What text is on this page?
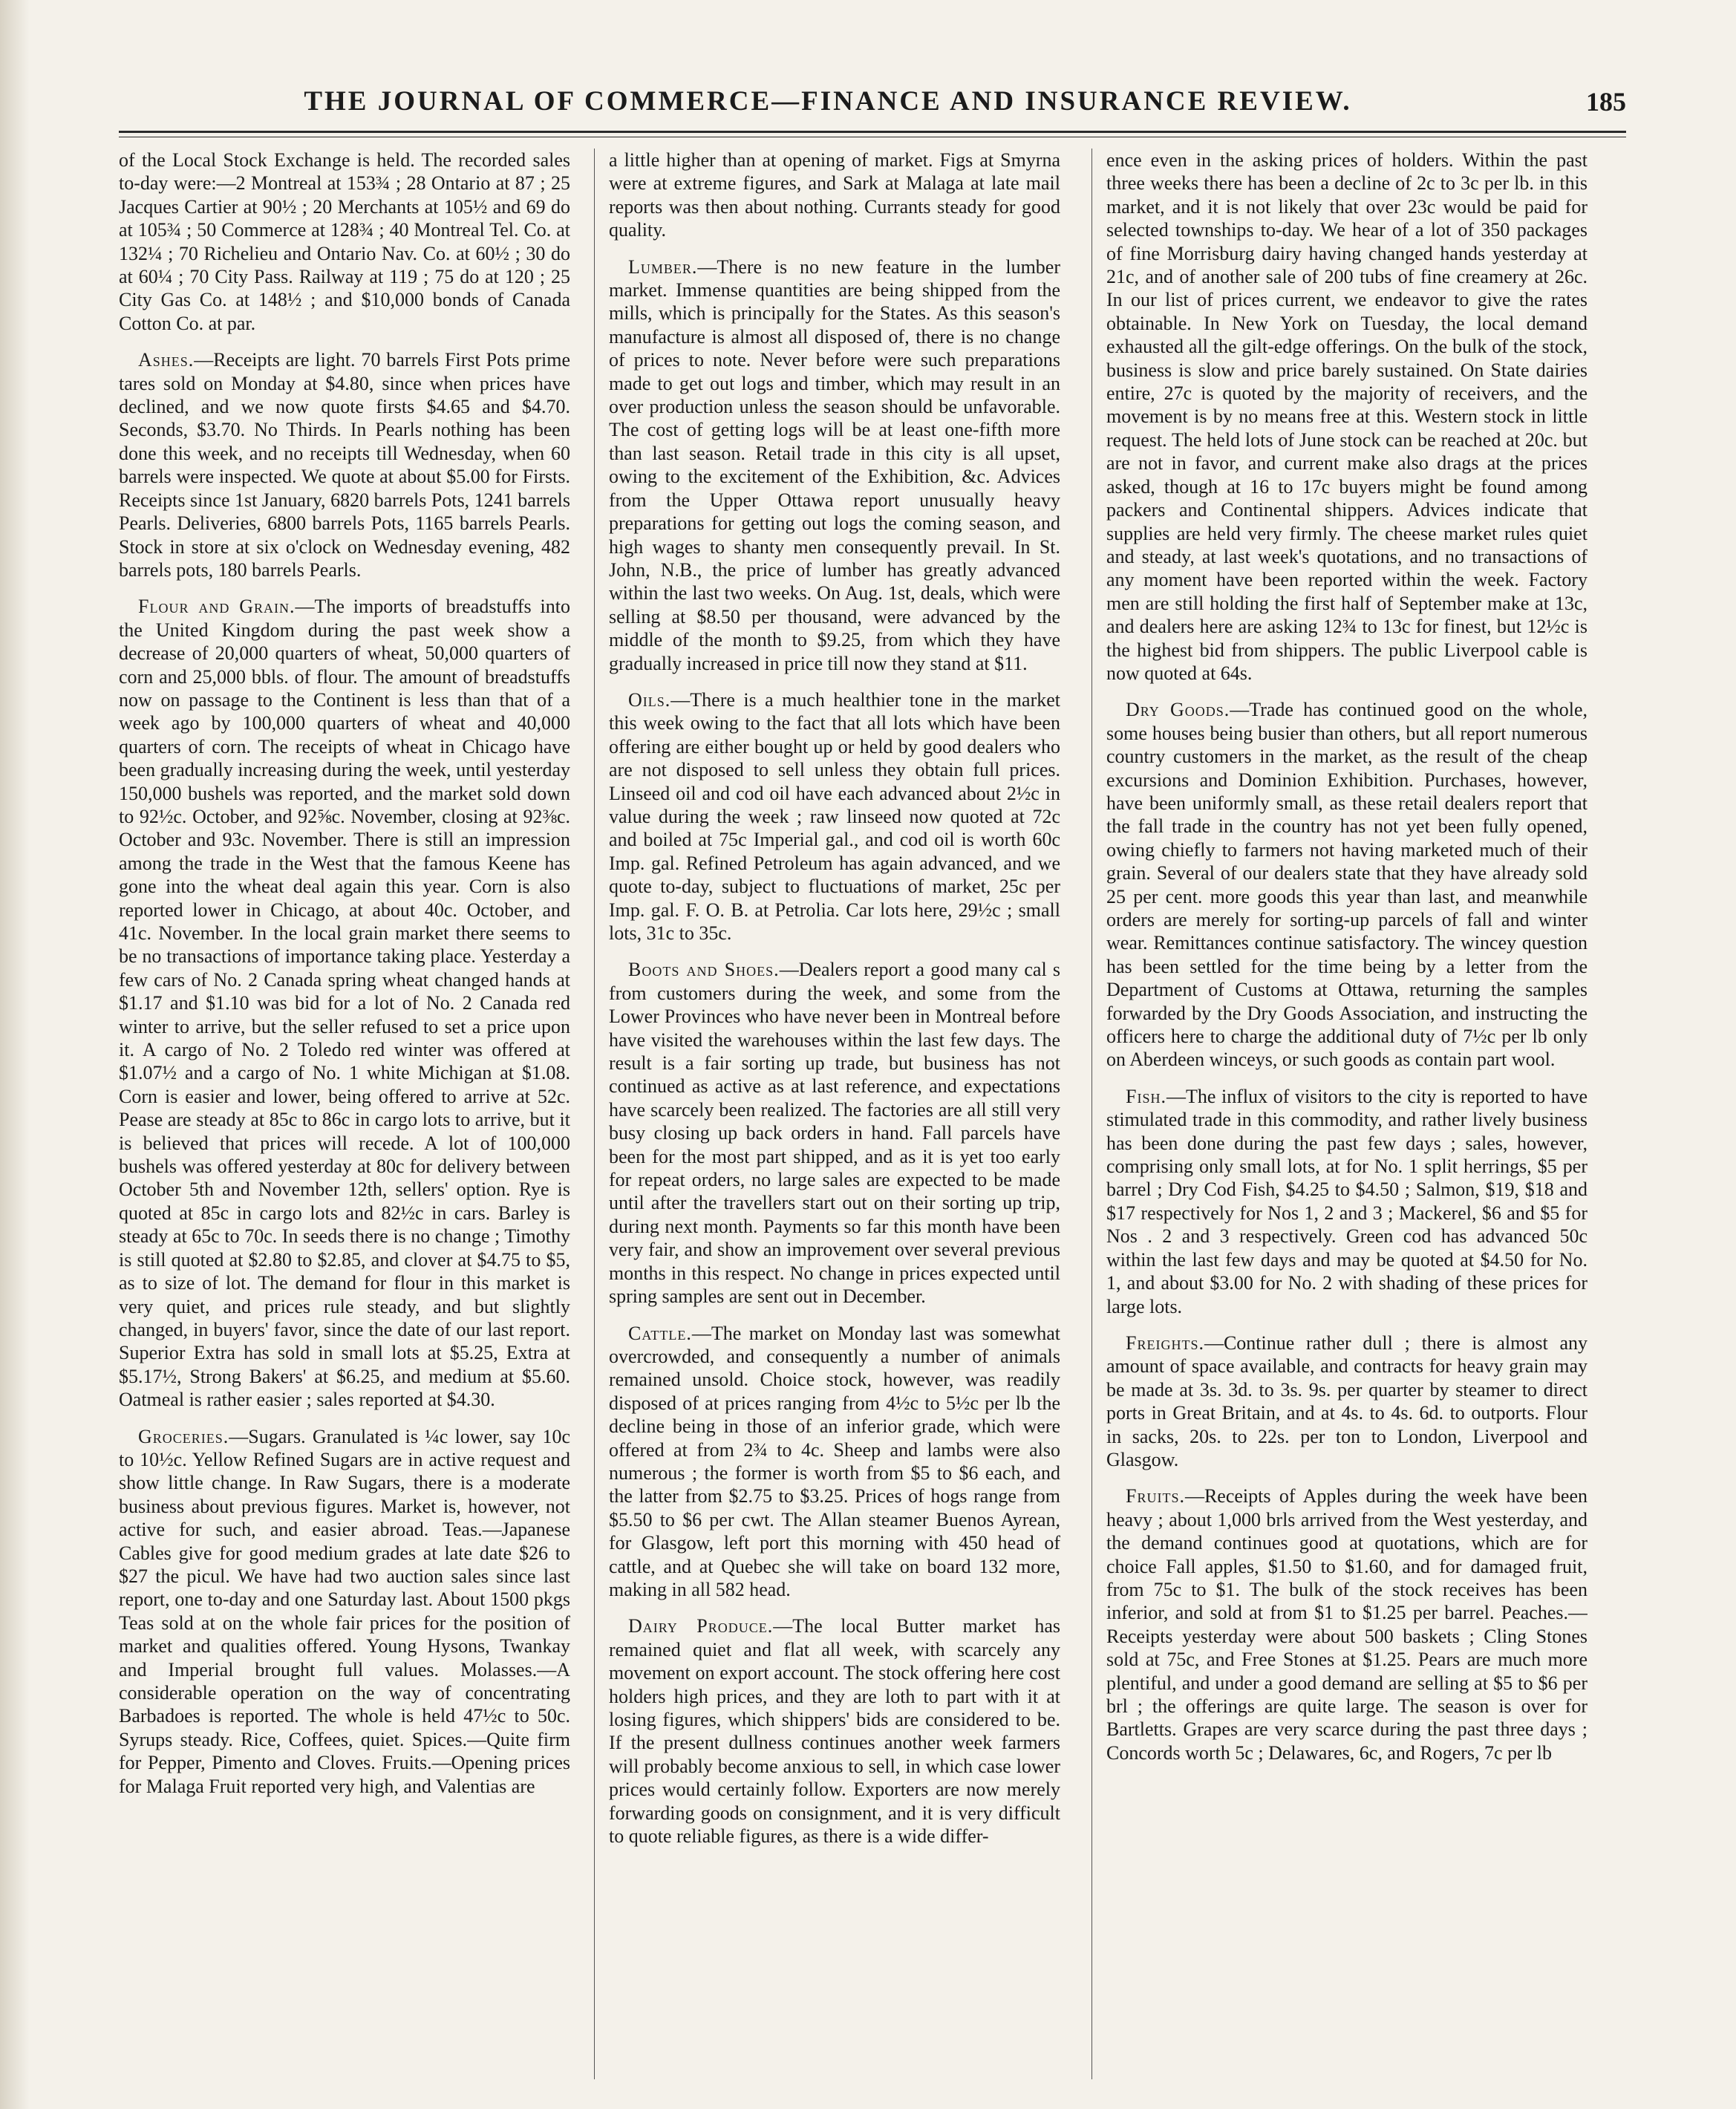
THE JOURNAL OF COMMERCE—FINANCE AND INSURANCE REVIEW.	185

of the Local Stock Exchange is held. The recorded sales to-day were:—2 Montreal at 153¾ ; 28 Ontario at 87 ; 25 Jacques Cartier at 90½ ; 20 Merchants at 105½ and 69 do at 105¾ ; 50 Commerce at 128¾ ; 40 Montreal Tel. Co. at 132¼ ; 70 Richelieu and Ontario Nav. Co. at 60½ ; 30 do at 60¼ ; 70 City Pass. Railway at 119 ; 75 do at 120 ; 25 City Gas Co. at 148½ ; and $10,000 bonds of Canada Cotton Co. at par.

Ashes.—Receipts are light. 70 barrels First Pots prime tares sold on Monday at $4.80, since when prices have declined, and we now quote firsts $4.65 and $4.70. Seconds, $3.70. No Thirds. In Pearls nothing has been done this week, and no receipts till Wednesday, when 60 barrels were inspected. We quote at about $5.00 for Firsts. Receipts since 1st January, 6820 barrels Pots, 1241 barrels Pearls. Deliveries, 6800 barrels Pots, 1165 barrels Pearls. Stock in store at six o'clock on Wednesday evening, 482 barrels pots, 180 barrels Pearls.

Flour and Grain.—The imports of breadstuffs into the United Kingdom during the past week show a decrease of 20,000 quarters of wheat, 50,000 quarters of corn and 25,000 bbls. of flour. The amount of breadstuffs now on passage to the Continent is less than that of a week ago by 100,000 quarters of wheat and 40,000 quarters of corn. The receipts of wheat in Chicago have been gradually increasing during the week, until yesterday 150,000 bushels was reported, and the market sold down to 92½c. October, and 92⅝c. November, closing at 92⅜c. October and 93c. November. There is still an impression among the trade in the West that the famous Keene has gone into the wheat deal again this year. Corn is also reported lower in Chicago, at about 40c. October, and 41c. November. In the local grain market there seems to be no transactions of importance taking place. Yesterday a few cars of No. 2 Canada spring wheat changed hands at $1.17 and $1.10 was bid for a lot of No. 2 Canada red winter to arrive, but the seller refused to set a price upon it. A cargo of No. 2 Toledo red winter was offered at $1.07½ and a cargo of No. 1 white Michigan at $1.08. Corn is easier and lower, being offered to arrive at 52c. Pease are steady at 85c to 86c in cargo lots to arrive, but it is believed that prices will recede. A lot of 100,000 bushels was offered yesterday at 80c for delivery between October 5th and November 12th, sellers' option. Rye is quoted at 85c in cargo lots and 82½c in cars. Barley is steady at 65c to 70c. In seeds there is no change ; Timothy is still quoted at $2.80 to $2.85, and clover at $4.75 to $5, as to size of lot. The demand for flour in this market is very quiet, and prices rule steady, and but slightly changed, in buyers' favor, since the date of our last report. Superior Extra has sold in small lots at $5.25, Extra at $5.17½, Strong Bakers' at $6.25, and medium at $5.60. Oatmeal is rather easier ; sales reported at $4.30.

Groceries.—Sugars. Granulated is ¼c lower, say 10c to 10½c. Yellow Refined Sugars are in active request and show little change. In Raw Sugars, there is a moderate business about previous figures. Market is, however, not active for such, and easier abroad. Teas.—Japanese Cables give for good medium grades at late date $26 to $27 the picul. We have had two auction sales since last report, one to-day and one Saturday last. About 1500 pkgs Teas sold at on the whole fair prices for the position of market and qualities offered. Young Hysons, Twankay and Imperial brought full values. Molasses.—A considerable operation on the way of concentrating Barbadoes is reported. The whole is held 47½c to 50c. Syrups steady. Rice, Coffees, quiet. Spices.—Quite firm for Pepper, Pimento and Cloves. Fruits.—Opening prices for Malaga Fruit reported very high, and Valentias are

a little higher than at opening of market. Figs at Smyrna were at extreme figures, and Sark at Malaga at late mail reports was then about nothing. Currants steady for good quality.

Lumber.—There is no new feature in the lumber market. Immense quantities are being shipped from the mills, which is principally for the States. As this season's manufacture is almost all disposed of, there is no change of prices to note. Never before were such preparations made to get out logs and timber, which may result in an over production unless the season should be unfavorable. The cost of getting logs will be at least one-fifth more than last season. Retail trade in this city is all upset, owing to the excitement of the Exhibition, &c. Advices from the Upper Ottawa report unusually heavy preparations for getting out logs the coming season, and high wages to shanty men consequently prevail. In St. John, N.B., the price of lumber has greatly advanced within the last two weeks. On Aug. 1st, deals, which were selling at $8.50 per thousand, were advanced by the middle of the month to $9.25, from which they have gradually increased in price till now they stand at $11.

Oils.—There is a much healthier tone in the market this week owing to the fact that all lots which have been offering are either bought up or held by good dealers who are not disposed to sell unless they obtain full prices. Linseed oil and cod oil have each advanced about 2½c in value during the week ; raw linseed now quoted at 72c and boiled at 75c Imperial gal., and cod oil is worth 60c Imp. gal. Refined Petroleum has again advanced, and we quote to-day, subject to fluctuations of market, 25c per Imp. gal. F. O. B. at Petrolia. Car lots here, 29½c ; small lots, 31c to 35c.

Boots and Shoes.—Dealers report a good many cal s from customers during the week, and some from the Lower Provinces who have never been in Montreal before have visited the warehouses within the last few days. The result is a fair sorting up trade, but business has not continued as active as at last reference, and expectations have scarcely been realized. The factories are all still very busy closing up back orders in hand. Fall parcels have been for the most part shipped, and as it is yet too early for repeat orders, no large sales are expected to be made until after the travellers start out on their sorting up trip, during next month. Payments so far this month have been very fair, and show an improvement over several previous months in this respect. No change in prices expected until spring samples are sent out in December.

Cattle.—The market on Monday last was somewhat overcrowded, and consequently a number of animals remained unsold. Choice stock, however, was readily disposed of at prices ranging from 4½c to 5½c per lb the decline being in those of an inferior grade, which were offered at from 2¾ to 4c. Sheep and lambs were also numerous ; the former is worth from $5 to $6 each, and the latter from $2.75 to $3.25. Prices of hogs range from $5.50 to $6 per cwt. The Allan steamer Buenos Ayrean, for Glasgow, left port this morning with 450 head of cattle, and at Quebec she will take on board 132 more, making in all 582 head.

Dairy Produce.—The local Butter market has remained quiet and flat all week, with scarcely any movement on export account. The stock offering here cost holders high prices, and they are loth to part with it at losing figures, which shippers' bids are considered to be. If the present dullness continues another week farmers will probably become anxious to sell, in which case lower prices would certainly follow. Exporters are now merely forwarding goods on consignment, and it is very difficult to quote reliable figures, as there is a wide differ-

ence even in the asking prices of holders. Within the past three weeks there has been a decline of 2c to 3c per lb. in this market, and it is not likely that over 23c would be paid for selected townships to-day. We hear of a lot of 350 packages of fine Morrisburg dairy having changed hands yesterday at 21c, and of another sale of 200 tubs of fine creamery at 26c. In our list of prices current, we endeavor to give the rates obtainable. In New York on Tuesday, the local demand exhausted all the gilt-edge offerings. On the bulk of the stock, business is slow and price barely sustained. On State dairies entire, 27c is quoted by the majority of receivers, and the movement is by no means free at this. Western stock in little request. The held lots of June stock can be reached at 20c. but are not in favor, and current make also drags at the prices asked, though at 16 to 17c buyers might be found among packers and Continental shippers. Advices indicate that supplies are held very firmly. The cheese market rules quiet and steady, at last week's quotations, and no transactions of any moment have been reported within the week. Factory men are still holding the first half of September make at 13c, and dealers here are asking 12¾ to 13c for finest, but 12½c is the highest bid from shippers. The public Liverpool cable is now quoted at 64s.

Dry Goods.—Trade has continued good on the whole, some houses being busier than others, but all report numerous country customers in the market, as the result of the cheap excursions and Dominion Exhibition. Purchases, however, have been uniformly small, as these retail dealers report that the fall trade in the country has not yet been fully opened, owing chiefly to farmers not having marketed much of their grain. Several of our dealers state that they have already sold 25 per cent. more goods this year than last, and meanwhile orders are merely for sorting-up parcels of fall and winter wear. Remittances continue satisfactory. The wincey question has been settled for the time being by a letter from the Department of Customs at Ottawa, returning the samples forwarded by the Dry Goods Association, and instructing the officers here to charge the additional duty of 7½c per lb only on Aberdeen winceys, or such goods as contain part wool.

Fish.—The influx of visitors to the city is reported to have stimulated trade in this commodity, and rather lively business has been done during the past few days ; sales, however, comprising only small lots, at for No. 1 split herrings, $5 per barrel ; Dry Cod Fish, $4.25 to $4.50 ; Salmon, $19, $18 and $17 respectively for Nos 1, 2 and 3 ; Mackerel, $6 and $5 for Nos . 2 and 3 respectively. Green cod has advanced 50c within the last few days and may be quoted at $4.50 for No. 1, and about $3.00 for No. 2 with shading of these prices for large lots.

Freights.—Continue rather dull ; there is almost any amount of space available, and contracts for heavy grain may be made at 3s. 3d. to 3s. 9s. per quarter by steamer to direct ports in Great Britain, and at 4s. to 4s. 6d. to outports. Flour in sacks, 20s. to 22s. per ton to London, Liverpool and Glasgow.

Fruits.—Receipts of Apples during the week have been heavy ; about 1,000 brls arrived from the West yesterday, and the demand continues good at quotations, which are for choice Fall apples, $1.50 to $1.60, and for damaged fruit, from 75c to $1. The bulk of the stock receives has been inferior, and sold at from $1 to $1.25 per barrel. Peaches.—Receipts yesterday were about 500 baskets ; Cling Stones sold at 75c, and Free Stones at $1.25. Pears are much more plentiful, and under a good demand are selling at $5 to $6 per brl ; the offerings are quite large. The season is over for Bartletts. Grapes are very scarce during the past three days ; Concords worth 5c ; Delawares, 6c, and Rogers, 7c per lb
